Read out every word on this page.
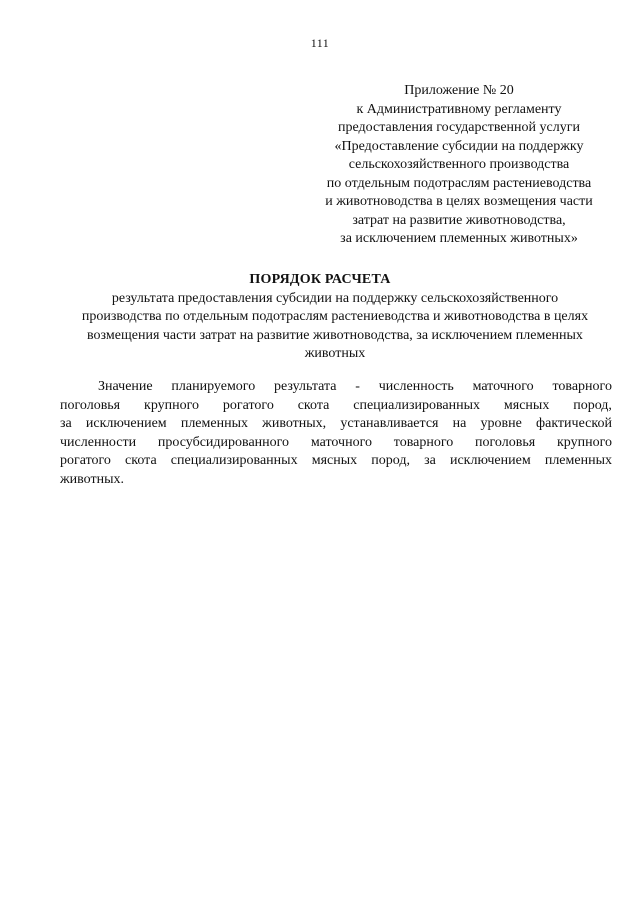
111
Приложение № 20
к Административному регламенту
предоставления государственной услуги
«Предоставление субсидии на поддержку
сельскохозяйственного производства
по отдельным подотраслям растениеводства
и животноводства в целях возмещения части
затрат на развитие животноводства,
за исключением племенных животных»
ПОРЯДОК РАСЧЕТА
результата предоставления субсидии на поддержку сельскохозяйственного
производства по отдельным подотраслям растениеводства и животноводства в целях
возмещения части затрат на развитие животноводства, за исключением племенных
животных
Значение планируемого результата - численность маточного товарного
поголовья крупного рогатого скота специализированных мясных пород,
за исключением племенных животных, устанавливается на уровне фактической
численности просубсидированного маточного товарного поголовья крупного
рогатого скота специализированных мясных пород, за исключением племенных
животных.
